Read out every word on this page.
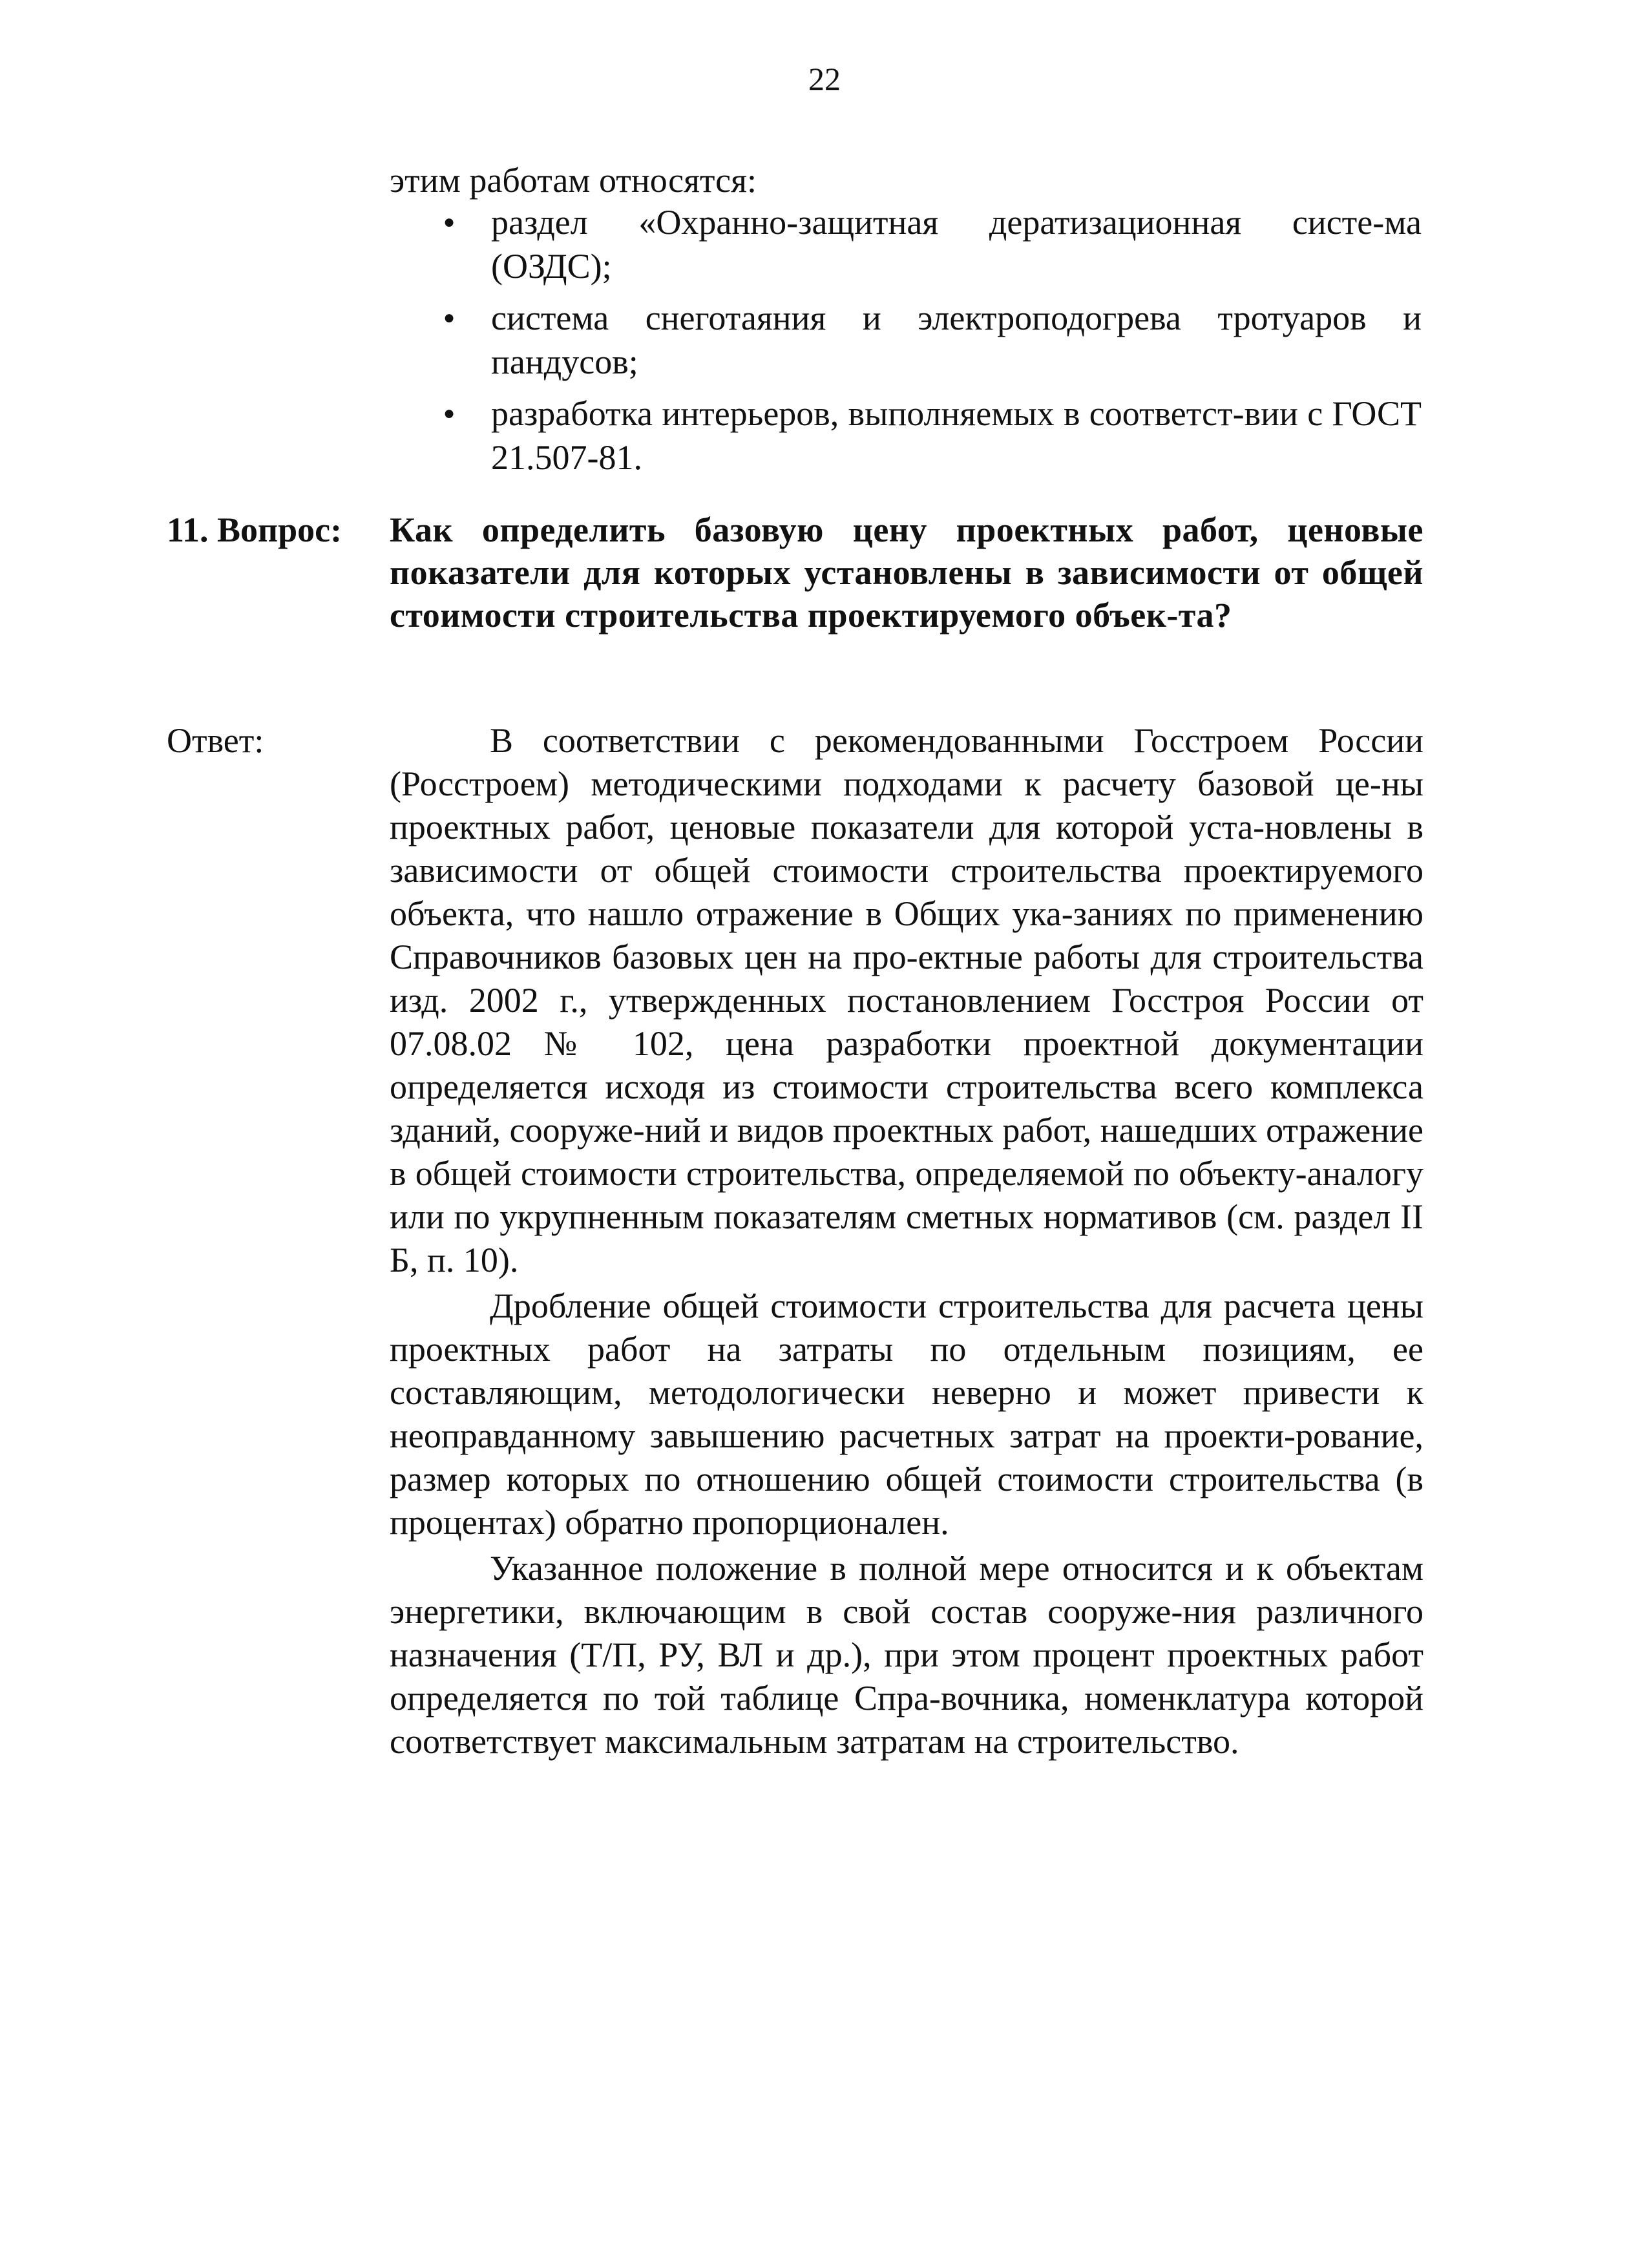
22
этим работам относятся:
● раздел «Охранно-защитная дератизационная систе-ма (ОЗДС);
● система снеготаяния и электроподогрева тротуаров и пандусов;
● разработка интерьеров, выполняемых в соответст-вии с ГОСТ 21.507-81.
11. Вопрос: Как определить базовую цену проектных работ, ценовые показатели для которых установлены в зависимости от общей стоимости строительства проектируемого объек-та?
Ответ:	В соответствии с рекомендованными Госстроем России (Росстроем) методическими подходами к расчету базовой це-ны проектных работ, ценовые показатели для которой уста-новлены в зависимости от общей стоимости строительства проектируемого объекта, что нашло отражение в Общих ука-заниях по применению Справочников базовых цен на про-ектные работы для строительства изд. 2002 г., утвержденных постановлением Госстроя России от 07.08.02 № 102, цена разработки проектной документации определяется исходя из стоимости строительства всего комплекса зданий, сооруже-ний и видов проектных работ, нашедших отражение в общей стоимости строительства, определяемой по объекту-аналогу или по укрупненным показателям сметных нормативов (см. раздел II Б, п. 10).

Дробление общей стоимости строительства для расчета цены проектных работ на затраты по отдельным позициям, ее составляющим, методологически неверно и может привести к неоправданному завышению расчетных затрат на проекти-рование, размер которых по отношению общей стоимости строительства (в процентах) обратно пропорционален.

Указанное положение в полной мере относится и к объектам энергетики, включающим в свой состав сооруже-ния различного назначения (Т/П, РУ, ВЛ и др.), при этом процент проектных работ определяется по той таблице Спра-вочника, номенклатура которой соответствует максимальным затратам на строительство.
